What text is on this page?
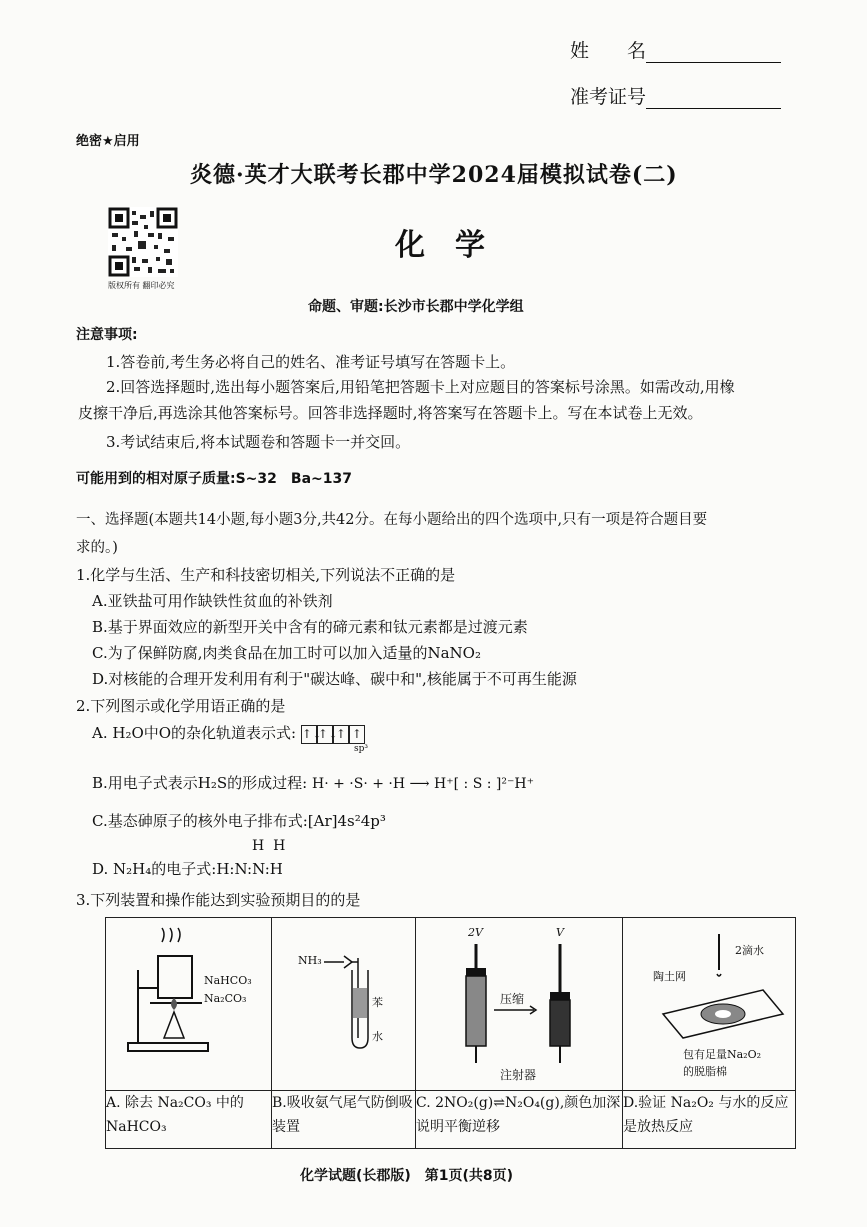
姓　　名
准考证号
绝密★启用
炎德·英才大联考长郡中学2024届模拟试卷(二)
版权所有 翻印必究
化　学
命题、审题:长沙市长郡中学化学组
注意事项:
1.答卷前,考生务必将自己的姓名、准考证号填写在答题卡上。
2.回答选择题时,选出每小题答案后,用铅笔把答题卡上对应题目的答案标号涂黑。如需改动,用橡
皮擦干净后,再选涂其他答案标号。回答非选择题时,将答案写在答题卡上。写在本试卷上无效。
3.考试结束后,将本试题卷和答题卡一并交回。
可能用到的相对原子质量:S~32　Ba~137
一、选择题(本题共14小题,每小题3分,共42分。在每小题给出的四个选项中,只有一项是符合题目要
求的。)
1.化学与生活、生产和科技密切相关,下列说法不正确的是
A.亚铁盐可用作缺铁性贫血的补铁剂
B.基于界面效应的新型开关中含有的碲元素和钛元素都是过渡元素
C.为了保鲜防腐,肉类食品在加工时可以加入适量的NaNO₂
D.对核能的合理开发利用有利于"碳达峰、碳中和",核能属于不可再生能源
2.下列图示或化学用语正确的是
A. H₂O中O的杂化轨道表示式: ↑↓↑↓↑ ↑
sp³
B.用电子式表示H₂S的形成过程: H· + ·S· + ·H ⟶ H⁺[ : S : ]²⁻H⁺
C.基态砷原子的核外电子排布式:[Ar]4s²4p³
H  H
D. N₂H₄的电子式:H:N:N:H
3.下列装置和操作能达到实验预期目的的是
NaHCO₃
Na₂CO₃	NH₃
苯
水	2V V
压缩
注射器	2滴水
陶土网
包有足量Na₂O₂
的脱脂棉

A. 除去 Na₂CO₃ 中的 NaHCO₃	B.吸收氨气尾气防倒吸装置	C. 2NO₂(g)⇌N₂O₄(g),颜色加深说明平衡逆移	D.验证 Na₂O₂ 与水的反应是放热反应
化学试题(长郡版)　第1页(共8页)
